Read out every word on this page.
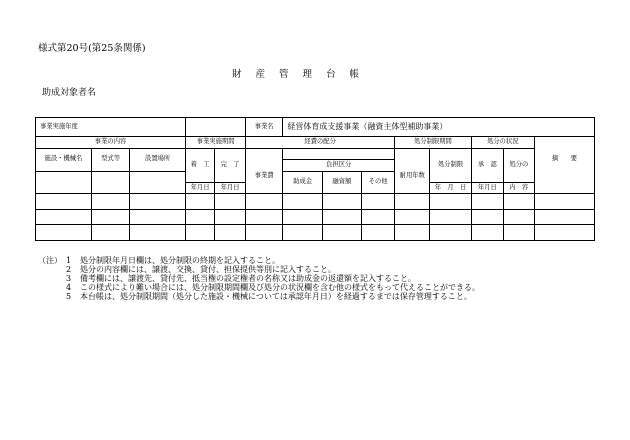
様式第20号(第25条関係)
財産管理台帳
助成対象者名
事業実施年度					事業名	経営体育成支援事業（融資主体型補助事業）							
事業の内容			事業実施期間		経費の配分				処分制限期間		処分の状況		
施設・機械名	型式等	設置場所											摘　　要
			着　工	完　了	事業費	負担区分			耐用年数	処分制限	承　認	処分の	
						助成金	融資額	その他					
			年月日	年月日						年　月　日	年月日	内　容	

（注） 1	処分制限年月日欄は、処分制限の終期を記入すること。
2	処分の内容欄には、譲渡、交換、貸付、担保提供等別に記入すること。
3	備考欄には、譲渡先、貸付先、抵当権の設定権者の名称又は助成金の返還額を記入すること。
4	この様式により難い場合には、処分制限期間欄及び処分の状況欄を含む他の様式をもって代えることができる。
5	本台帳は、処分制限期間（処分した施設・機械については承認年月日）を経過するまでは保存管理すること。
